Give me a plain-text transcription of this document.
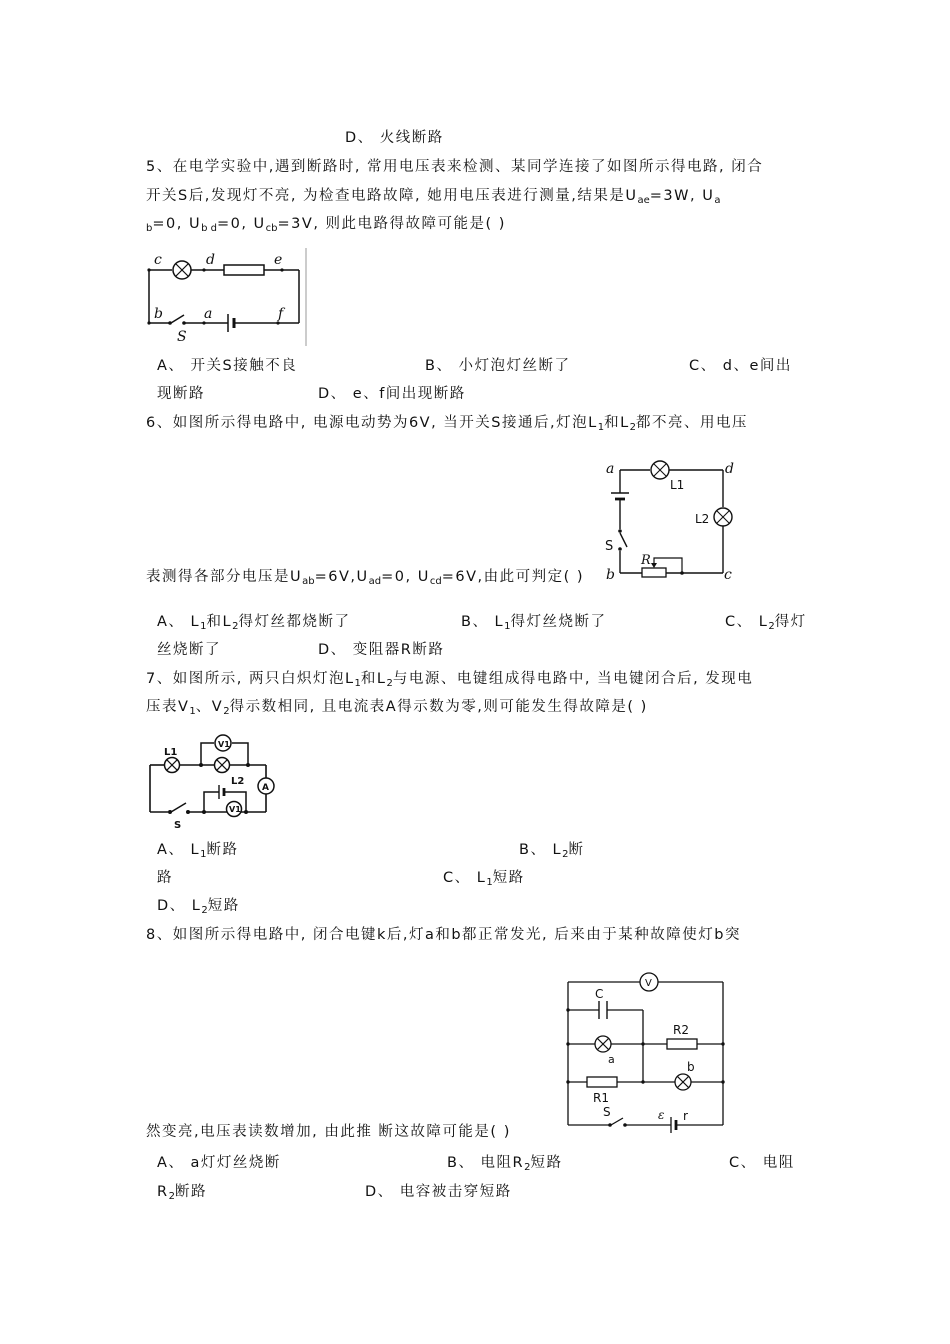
D、 火线断路
5、在电学实验中,遇到断路时, 常用电压表来检测、某同学连接了如图所示得电路, 闭合
开关S后,发现灯不亮, 为检查电路故障, 她用电压表进行测量,结果是$U_{ae}=3W$, $U_a$
$_b$=0, $U_{b d}=0$, $U_{cb}=3V$, 则此电路得故障可能是( )
c	d	e
b	a	f
S
A、 开关S接触不良	B、 小灯泡灯丝断了	C、 d、e间出
现断路	D、 e、f间出现断路
6、如图所示得电路中, 电源电动势为6V, 当开关S接通后,灯泡$L_1$和$L_2$都不亮、用电压
a	d
L1
L2
S
R
b	c
表测得各部分电压是$U_{ab}=6V,U_{ad}=0$, $U_{cd}=6V$,由此可判定( )
A、 $L_1$和$L_2$得灯丝都烧断了	B、 $L_1$得灯丝烧断了	C、 $L_2$得灯
丝烧断了	D、 变阻器R断路
7、如图所示, 两只白炽灯泡$L_1$和$L_2$与电源、电键组成得电路中, 当电键闭合后, 发现电
压表$V_1$、$V_2$得示数相同, 且电流表A得示数为零,则可能发生得故障是( )
L1
V1
L2
A
V1
S
A、 $L_1$断路	B、 $L_2$断
路	C、 $L_1$短路
D、 $L_2$短路
8、如图所示得电路中, 闭合电键k后,灯a和b都正常发光, 后来由于某种故障使灯b突
V
C
R2
a
b
R1
S	ε r
然变亮,电压表读数增加, 由此推 断这故障可能是( )
A、 a灯灯丝烧断	B、 电阻$R_2$短路	C、 电阻
$R_2$断路	D、 电容被击穿短路
